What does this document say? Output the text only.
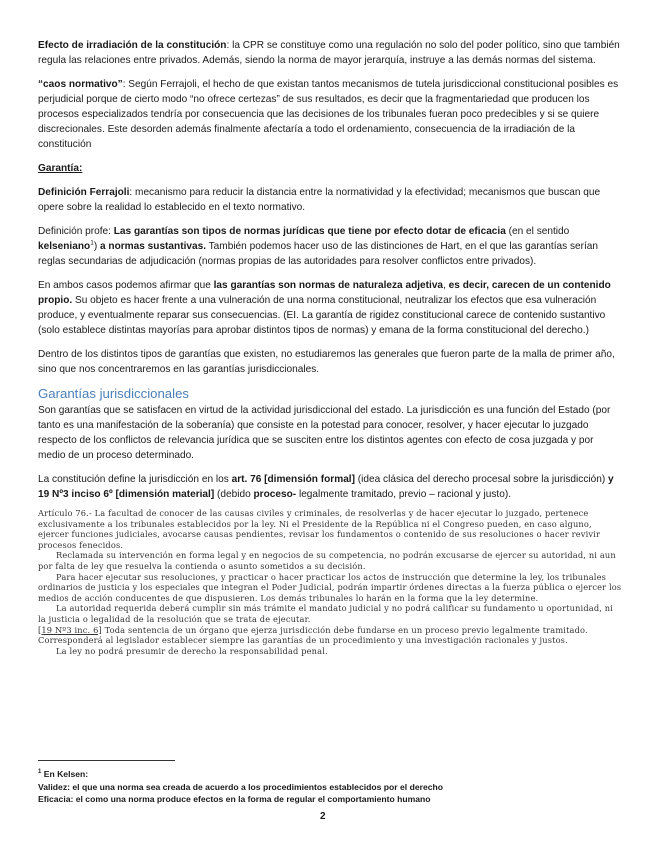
Efecto de irradiación de la constitución: la CPR se constituye como una regulación no solo del poder político, sino que también regula las relaciones entre privados. Además, siendo la norma de mayor jerarquía, instruye a las demás normas del sistema.

“caos normativo”: Según Ferrajoli, el hecho de que existan tantos mecanismos de tutela jurisdiccional constitucional posibles es perjudicial porque de cierto modo “no ofrece certezas” de sus resultados, es decir que la fragmentariedad que producen los procesos especializados tendría por consecuencia que las decisiones de los tribunales fueran poco predecibles y si se quiere discrecionales. Este desorden además finalmente afectaría a todo el ordenamiento, consecuencia de la irradiación de la constitución

Garantía:

Definición Ferrajoli: mecanismo para reducir la distancia entre la normatividad y la efectividad; mecanismos que buscan que opere sobre la realidad lo establecido en el texto normativo.

Definición profe: Las garantías son tipos de normas jurídicas que tiene por efecto dotar de eficacia (en el sentido kelseniano$^1$) a normas sustantivas. También podemos hacer uso de las distinciones de Hart, en el que las garantías serían reglas secundarias de adjudicación (normas propias de las autoridades para resolver conflictos entre privados).

En ambos casos podemos afirmar que las garantías son normas de naturaleza adjetiva, es decir, carecen de un contenido propio. Su objeto es hacer frente a una vulneración de una norma constitucional, neutralizar los efectos que esa vulneración produce, y eventualmente reparar sus consecuencias. (EI. La garantía de rigidez constitucional carece de contenido sustantivo (solo establece distintas mayorías para aprobar distintos tipos de normas) y emana de la forma constitucional del derecho.)

Dentro de los distintos tipos de garantías que existen, no estudiaremos las generales que fueron parte de la malla de primer año, sino que nos concentraremos en las garantías jurisdiccionales.

Garantías jurisdiccionales

Son garantías que se satisfacen en virtud de la actividad jurisdiccional del estado. La jurisdicción es una función del Estado (por tanto es una manifestación de la soberanía) que consiste en la potestad para conocer, resolver, y hacer ejecutar lo juzgado respecto de los conflictos de relevancia jurídica que se susciten entre los distintos agentes con efecto de cosa juzgada y por medio de un proceso determinado.

La constitución define la jurisdicción en los art. 76 [dimensión formal] (idea clásica del derecho procesal sobre la jurisdicción) y 19 Nº3 inciso 6º [dimensión material] (debido proceso- legalmente tramitado, previo – racional y justo).

Artículo 76.- La facultad de conocer de las causas civiles y criminales, de resolverlas y de hacer ejecutar lo juzgado, pertenece exclusivamente a los tribunales establecidos por la ley. Ni el Presidente de la República ni el Congreso pueden, en caso alguno, ejercer funciones judiciales, avocarse causas pendientes, revisar los fundamentos o contenido de sus resoluciones o hacer revivir procesos fenecidos.
Reclamada su intervención en forma legal y en negocios de su competencia, no podrán excusarse de ejercer su autoridad, ni aun por falta de ley que resuelva la contienda o asunto sometidos a su decisión.
Para hacer ejecutar sus resoluciones, y practicar o hacer practicar los actos de instrucción que determine la ley, los tribunales ordinarios de justicia y los especiales que integran el Poder Judicial, podrán impartir órdenes directas a la fuerza pública o ejercer los medios de acción conducentes de que dispusieren. Los demás tribunales lo harán en la forma que la ley determine.
La autoridad requerida deberá cumplir sin más trámite el mandato judicial y no podrá calificar su fundamento u oportunidad, ni la justicia o legalidad de la resolución que se trata de ejecutar.
[19 Nº3 inc. 6] Toda sentencia de un órgano que ejerza jurisdicción debe fundarse en un proceso previo legalmente tramitado. Corresponderá al legislador establecer siempre las garantías de un procedimiento y una investigación racionales y justos.
La ley no podrá presumir de derecho la responsabilidad penal.
$^1$ En Kelsen:
Validez: el que una norma sea creada de acuerdo a los procedimientos establecidos por el derecho
Eficacia: el como una norma produce efectos en la forma de regular el comportamiento humano
2
